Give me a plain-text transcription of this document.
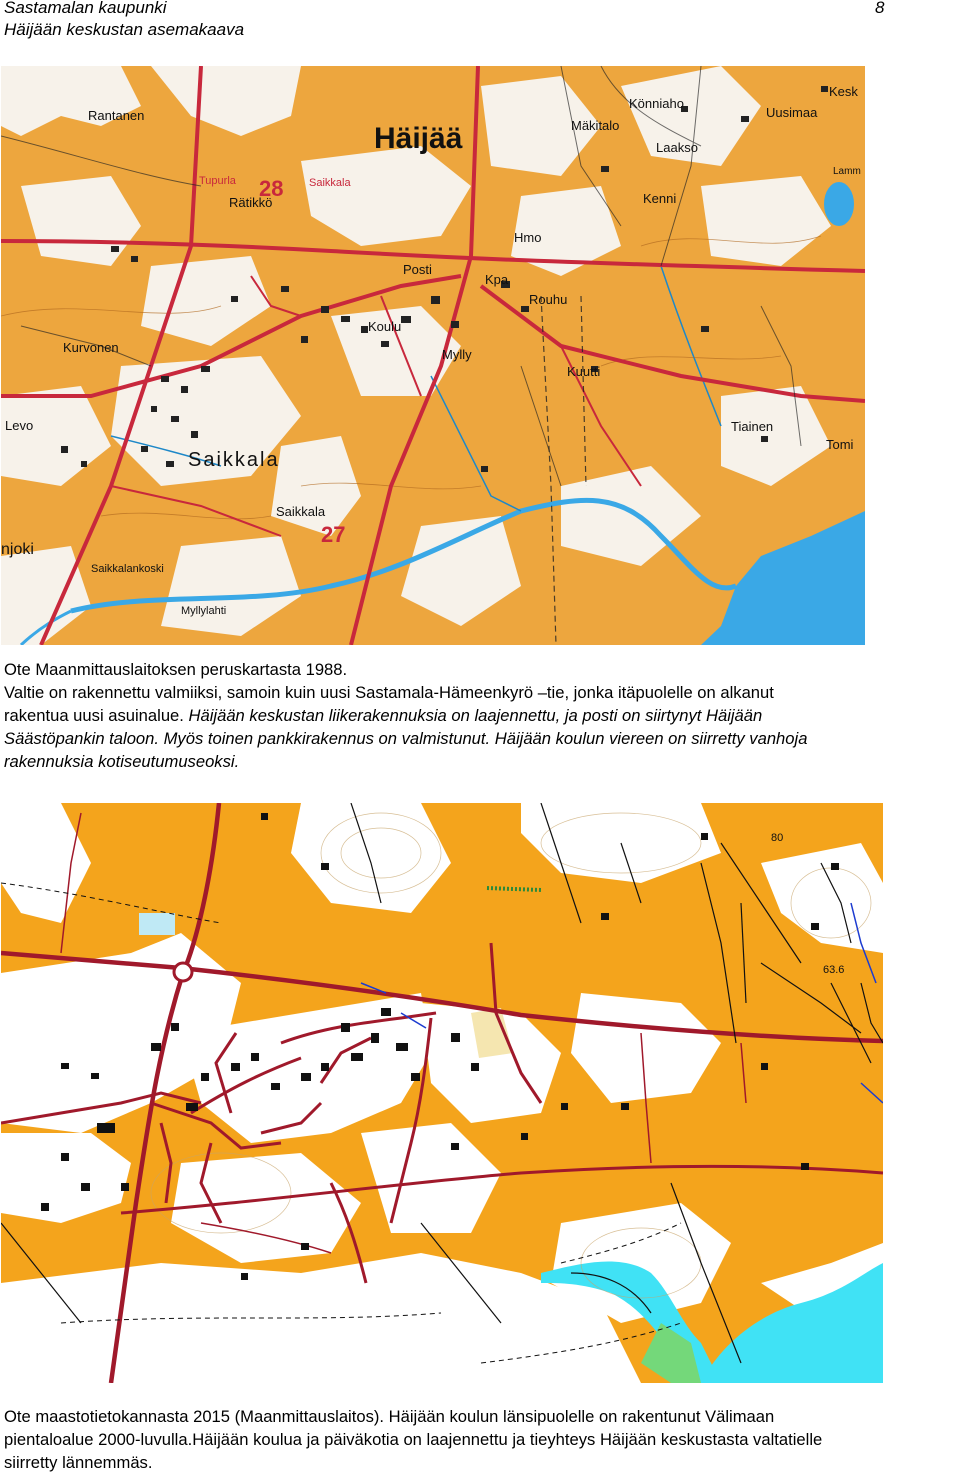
Sastamalan kaupunki
Häijään keskustan asemakaava
8
Häijää
Rantanen
Rätikkö
Tupurla	Saikkala
Kurvonen
Levo
Saikkala
Saikkala
njoki
Saikkalankoski
Myllylahti
Posti
Kpa
Hmo
Koulu
Mylly
Rouhu
Könniaho
Mäkitalo
Laakso
Kenni
Uusimaa
Kuutti
Tiainen
Tomi
Kesk
Lamm
28
27
Ote Maanmittauslaitoksen peruskartasta 1988.
Valtie on rakennettu valmiiksi, samoin kuin uusi Sastamala-Hämeenkyrö –tie, jonka itäpuolelle on alkanut
rakentua uusi asuinalue. Häijään keskustan liikerakennuksia on laajennettu, ja posti on siirtynyt Häijään
Säästöpankin taloon. Myös toinen pankkirakennus on valmistunut. Häijään koulun viereen on siirretty vanhoja
rakennuksia kotiseutumuseoksi.
80
63.6
Ote maastotietokannasta 2015 (Maanmittauslaitos). Häijään koulun länsipuolelle on rakentunut Välimaan
pientaloalue 2000-luvulla.Häijään koulua ja päiväkotia on laajennettu ja tieyhteys Häijään keskustasta valtatielle
siirretty lännemmäs.
